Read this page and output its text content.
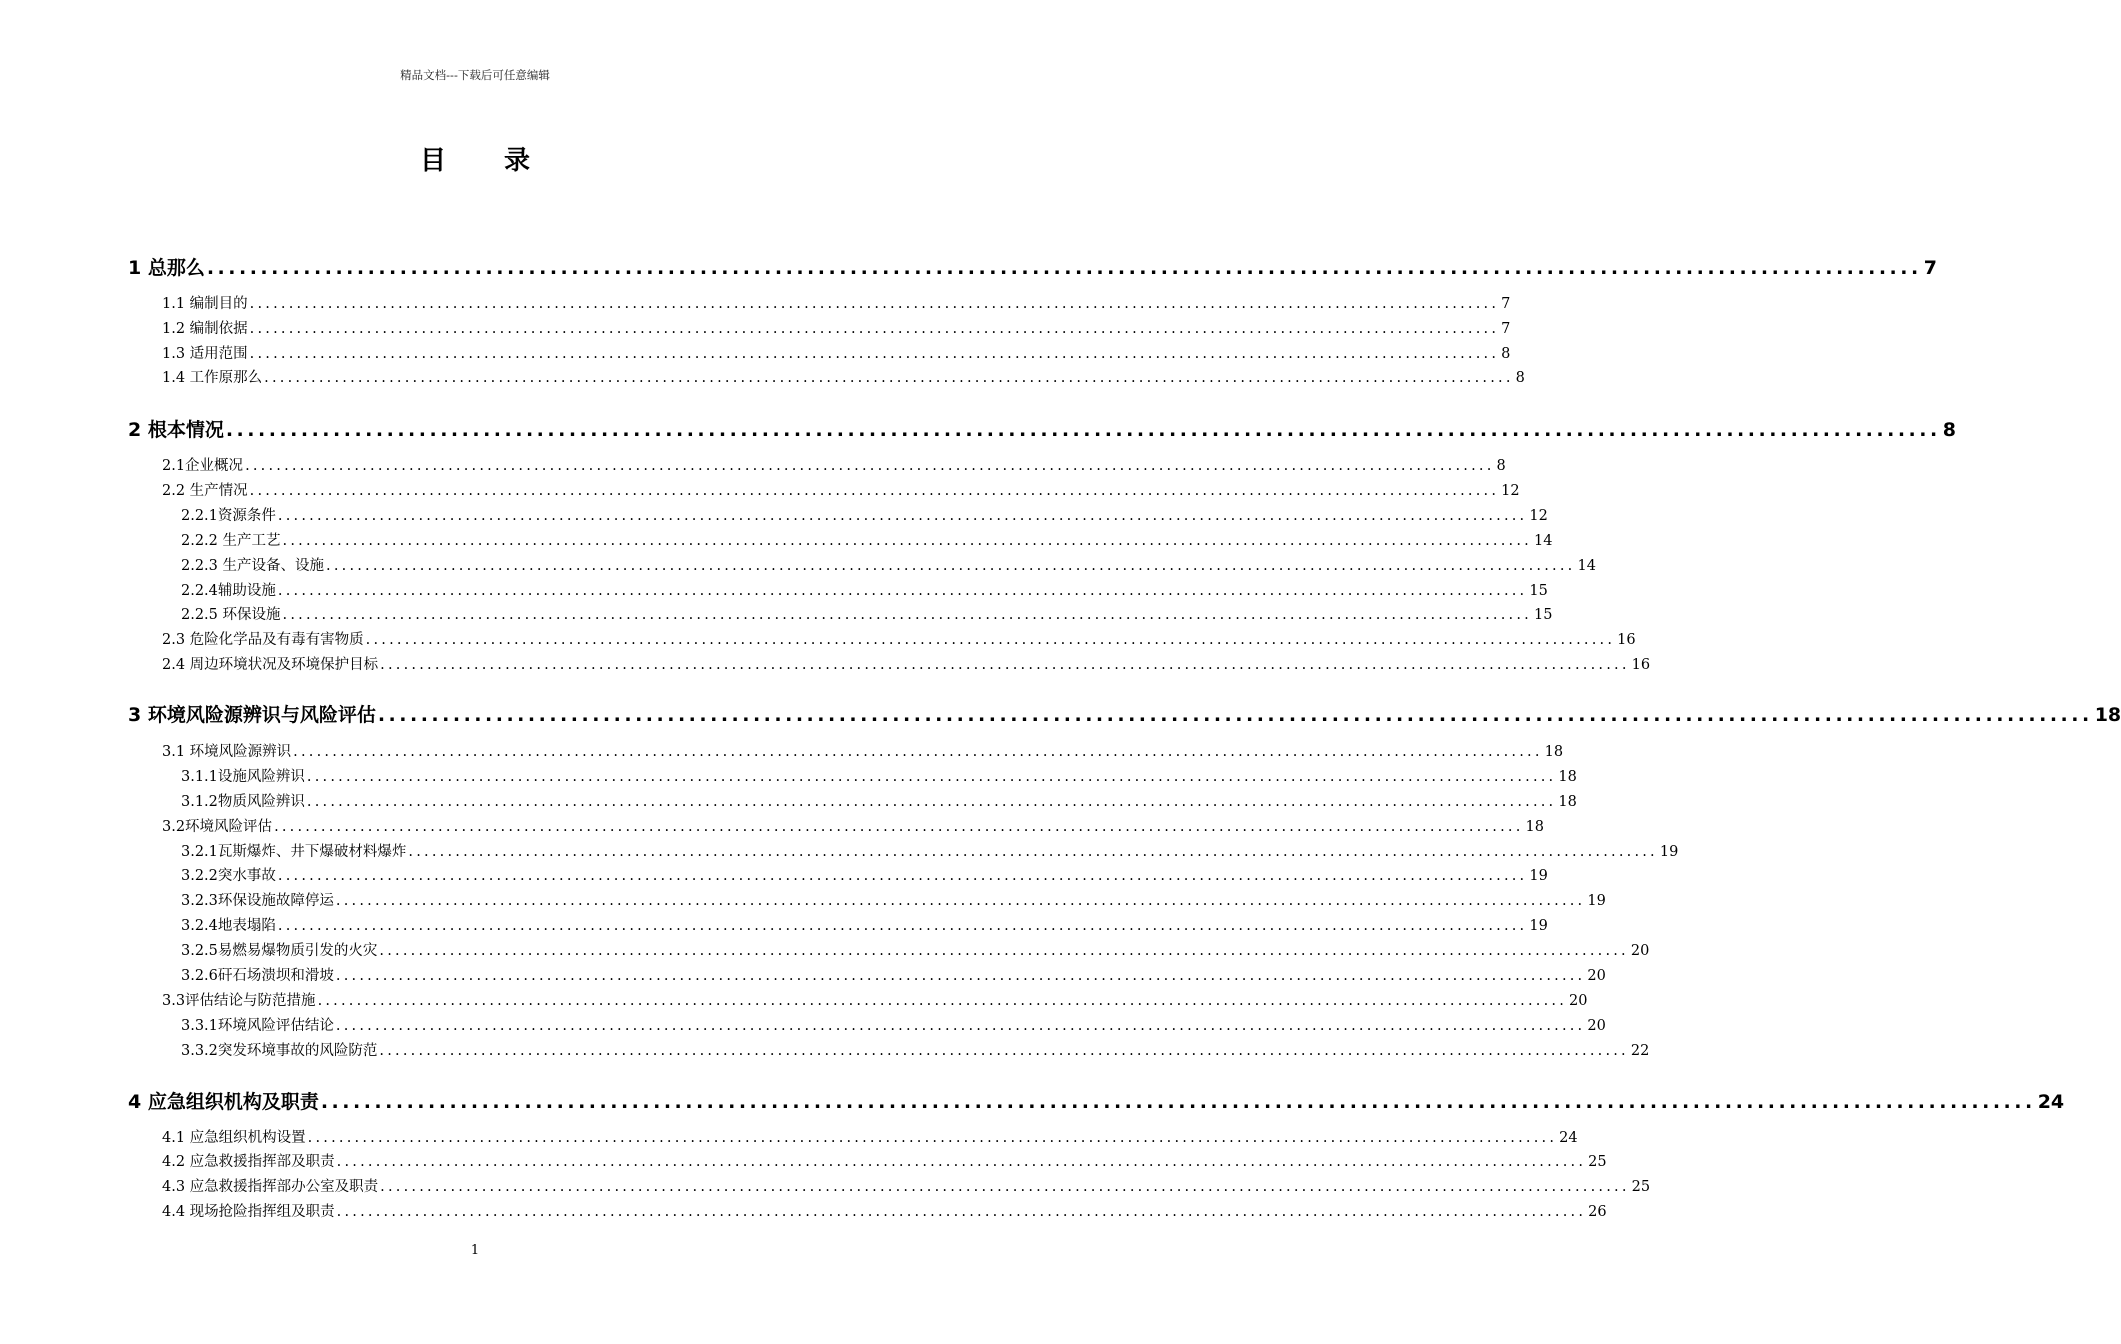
精品文档---下载后可任意编辑
目 录
1 总那么 ................................................................................................................................................................ 7
1.1 编制目的 ................................................................................................................................................................ 7
1.2 编制依据 ................................................................................................................................................................ 7
1.3 适用范围 ................................................................................................................................................................ 8
1.4 工作原那么 ................................................................................................................................................................ 8
2 根本情况 ................................................................................................................................................................ 8
2.1企业概况 ................................................................................................................................................................ 8
2.2 生产情况 ................................................................................................................................................................ 12
2.2.1资源条件 ................................................................................................................................................................ 12
2.2.2 生产工艺 ................................................................................................................................................................ 14
2.2.3 生产设备、设施 ................................................................................................................................................................ 14
2.2.4辅助设施 ................................................................................................................................................................ 15
2.2.5 环保设施 ................................................................................................................................................................ 15
2.3 危险化学品及有毒有害物质 ................................................................................................................................................................ 16
2.4 周边环境状况及环境保护目标 ................................................................................................................................................................ 16
3 环境风险源辨识与风险评估 ................................................................................................................................................................ 18
3.1 环境风险源辨识 ................................................................................................................................................................ 18
3.1.1设施风险辨识 ................................................................................................................................................................ 18
3.1.2物质风险辨识 ................................................................................................................................................................ 18
3.2环境风险评估 ................................................................................................................................................................ 18
3.2.1瓦斯爆炸、井下爆破材料爆炸 ................................................................................................................................................................ 19
3.2.2突水事故 ................................................................................................................................................................ 19
3.2.3环保设施故障停运 ................................................................................................................................................................ 19
3.2.4地表塌陷 ................................................................................................................................................................ 19
3.2.5易燃易爆物质引发的火灾 ................................................................................................................................................................ 20
3.2.6矸石场溃坝和滑坡 ................................................................................................................................................................ 20
3.3评估结论与防范措施 ................................................................................................................................................................ 20
3.3.1环境风险评估结论 ................................................................................................................................................................ 20
3.3.2突发环境事故的风险防范 ................................................................................................................................................................ 22
4 应急组织机构及职责 ................................................................................................................................................................ 24
4.1 应急组织机构设置 ................................................................................................................................................................ 24
4.2 应急救援指挥部及职责 ................................................................................................................................................................ 25
4.3 应急救援指挥部办公室及职责 ................................................................................................................................................................ 25
4.4 现场抢险指挥组及职责 ................................................................................................................................................................ 26
1
